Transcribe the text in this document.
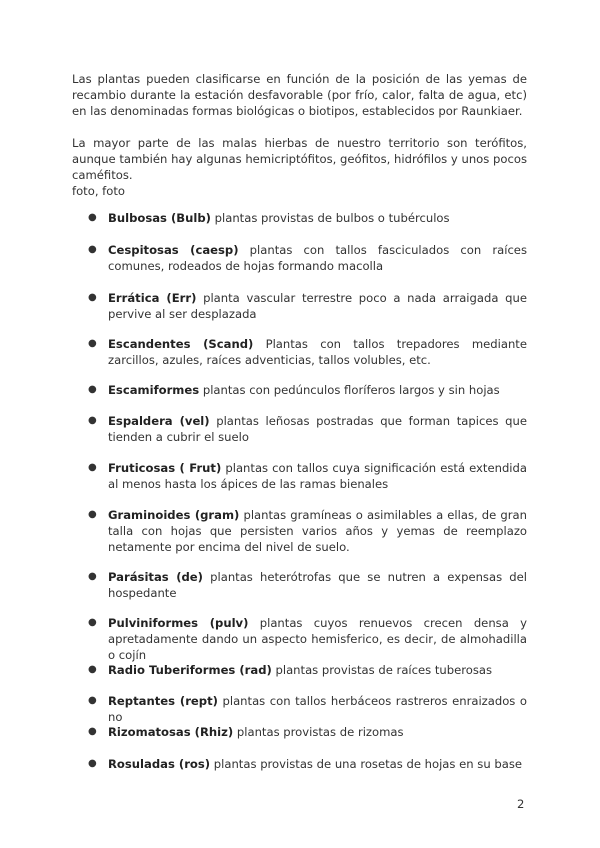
Las plantas pueden clasificarse en función de la posición de las yemas de recambio durante la estación desfavorable (por frío, calor, falta de agua, etc) en las denominadas formas biológicas o biotipos, establecidos por Raunkiaer.

La mayor parte de las malas hierbas de nuestro territorio son terófitos, aunque también hay algunas hemicriptófitos, geófitos, hidrófilos y unos pocos caméfitos.

foto, foto

● Bulbosas (Bulb) plantas provistas de bulbos o tubérculos
● Cespitosas (caesp) plantas con tallos fasciculados con raíces comunes, rodeados de hojas formando macolla
● Errática (Err) planta vascular terrestre poco a nada arraigada que pervive al ser desplazada
● Escandentes (Scand) Plantas con tallos trepadores mediante zarcillos, azules, raíces adventicias, tallos volubles, etc.
● Escamiformes plantas con pedúnculos floríferos largos y sin hojas
● Espaldera (vel) plantas leñosas postradas que forman tapices que tienden a cubrir el suelo
● Fruticosas ( Frut) plantas con tallos cuya significación está extendida al menos hasta los ápices de las ramas bienales
● Graminoides (gram) plantas gramíneas o asimilables a ellas, de gran talla con hojas que persisten varios años y yemas de reemplazo netamente por encima del nivel de suelo.
● Parásitas (de) plantas heterótrofas que se nutren a expensas del hospedante
● Pulviniformes (pulv) plantas cuyos renuevos crecen densa y apretadamente dando un aspecto hemisferico, es decir, de almohadilla o cojín
● Radio Tuberiformes (rad) plantas provistas de raíces tuberosas
● Reptantes (rept) plantas con tallos herbáceos rastreros enraizados o no
● Rizomatosas (Rhiz) plantas provistas de rizomas
● Rosuladas (ros) plantas provistas de una rosetas de hojas en su base
2
